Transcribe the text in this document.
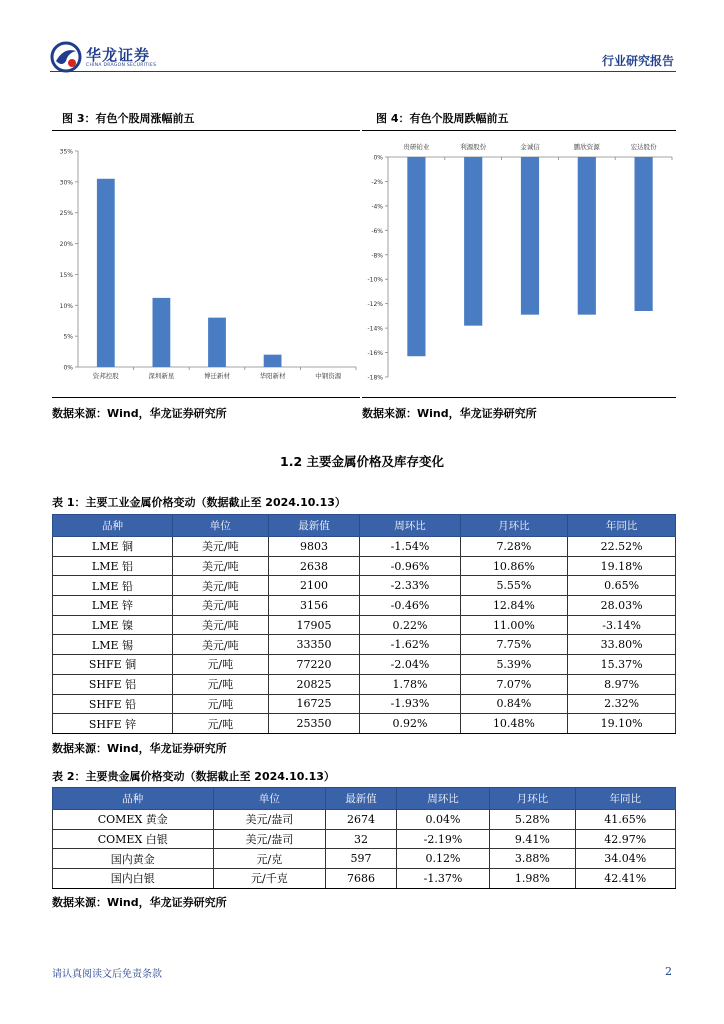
华龙证券
CHINA DRAGON SECURITIES	行业研究报告
图 3：有色个股周涨幅前五
0%
5%
10%
15%
20%
25%
30%
35%
资邦控股	深圳新星	博迁新材	华阳新材	中钢资源
数据来源：Wind，华龙证券研究所
图 4：有色个股周跌幅前五
0%
-2%
-4%
-6%
-8%
-10%
-12%
-14%
-16%
-18%
贵研铂业	利源股份	金诚信	鹏欣资源	宏达股份
数据来源：Wind，华龙证券研究所
1.2 主要金属价格及库存变化
表 1：主要工业金属价格变动（数据截止至 2024.10.13）
品种	单位	最新值	周环比	月环比	年同比
LME 铜	美元/吨	9803	-1.54%	7.28%	22.52%
LME 铝	美元/吨	2638	-0.96%	10.86%	19.18%
LME 铅	美元/吨	2100	-2.33%	5.55%	0.65%
LME 锌	美元/吨	3156	-0.46%	12.84%	28.03%
LME 镍	美元/吨	17905	0.22%	11.00%	-3.14%
LME 锡	美元/吨	33350	-1.62%	7.75%	33.80%
SHFE 铜	元/吨	77220	-2.04%	5.39%	15.37%
SHFE 铝	元/吨	20825	1.78%	7.07%	8.97%
SHFE 铅	元/吨	16725	-1.93%	0.84%	2.32%
SHFE 锌	元/吨	25350	0.92%	10.48%	19.10%
数据来源：Wind，华龙证券研究所
表 2：主要贵金属价格变动（数据截止至 2024.10.13）
品种	单位	最新值	周环比	月环比	年同比
COMEX 黄金	美元/盎司	2674	0.04%	5.28%	41.65%
COMEX 白银	美元/盎司	32	-2.19%	9.41%	42.97%
国内黄金	元/克	597	0.12%	3.88%	34.04%
国内白银	元/千克	7686	-1.37%	1.98%	42.41%
数据来源：Wind，华龙证券研究所
请认真阅读文后免责条款	2
